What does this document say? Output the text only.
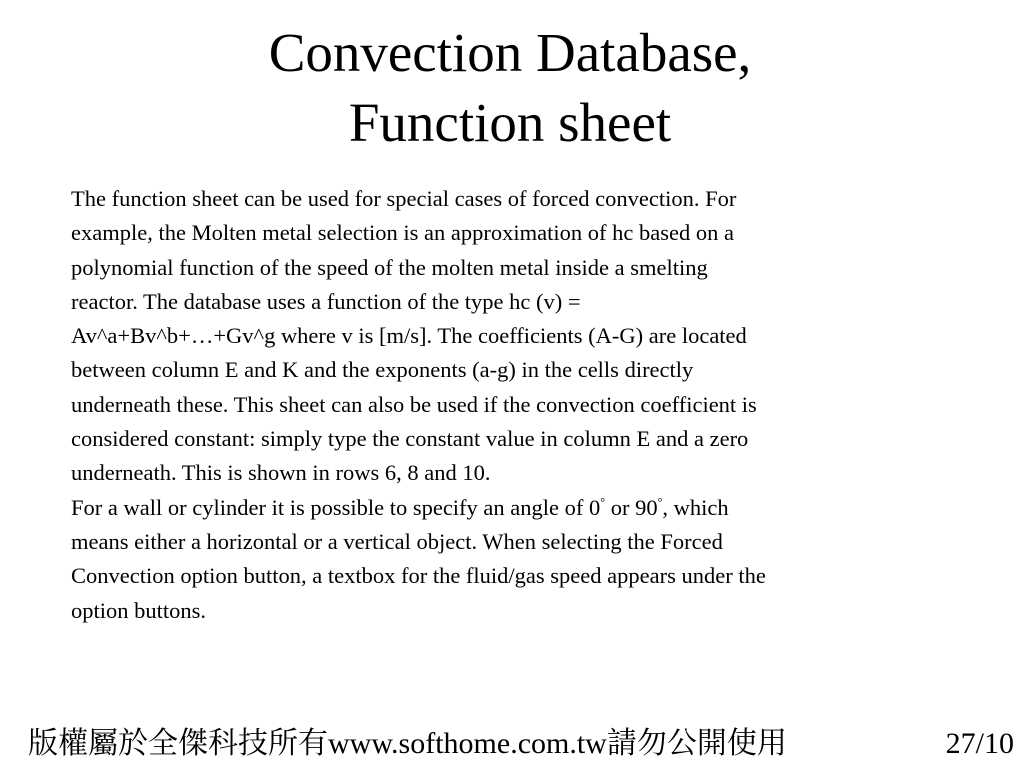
Convection Database,
Function sheet

The function sheet can be used for special cases of forced convection. For
example, the Molten metal selection is an approximation of hc based on a
polynomial function of the speed of the molten metal inside a smelting
reactor. The database uses a function of the type hc (v) =
Av^a+Bv^b+…+Gv^g where v is [m/s]. The coefficients (A-G) are located
between column E and K and the exponents (a-g) in the cells directly
underneath these. This sheet can also be used if the convection coefficient is
considered constant: simply type the constant value in column E and a zero
underneath. This is shown in rows 6, 8 and 10.

For a wall or cylinder it is possible to specify an angle of 0° or 90°, which
means either a horizontal or a vertical object. When selecting the Forced
Convection option button, a textbox for the fluid/gas speed appears under the
option buttons.

版權屬於全傑科技所有www.softhome.com.tw請勿公開使用	27/10
